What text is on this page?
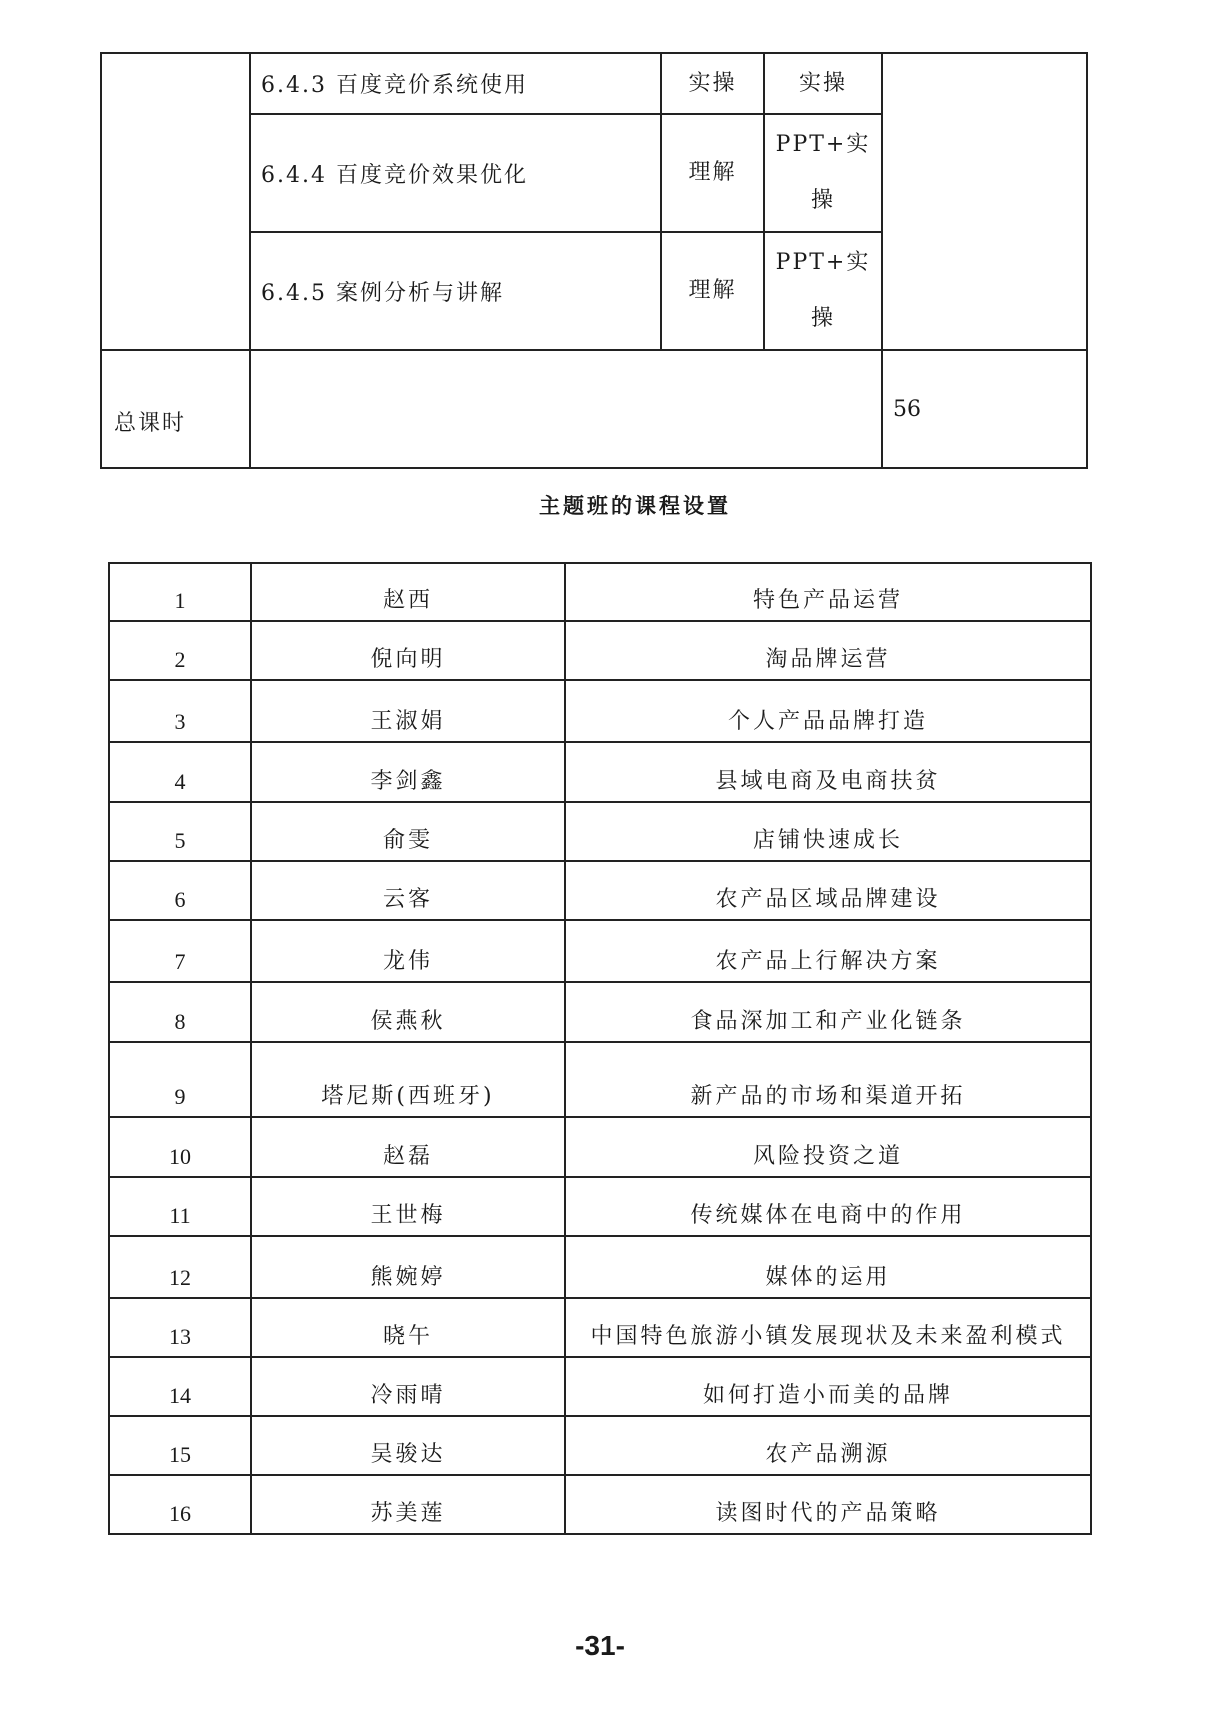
	6.4.3 百度竞价系统使用	实操	实操	
	6.4.4 百度竞价效果优化	理解	PPT+实操	
	6.4.5 案例分析与讲解	理解	PPT+实操	
总课时				56
主题班的课程设置
1	赵西	特色产品运营
2	倪向明	淘品牌运营
3	王淑娟	个人产品品牌打造
4	李剑鑫	县域电商及电商扶贫
5	俞雯	店铺快速成长
6	云客	农产品区域品牌建设
7	龙伟	农产品上行解决方案
8	侯燕秋	食品深加工和产业化链条
9	塔尼斯(西班牙)	新产品的市场和渠道开拓
10	赵磊	风险投资之道
11	王世梅	传统媒体在电商中的作用
12	熊婉婷	媒体的运用
13	晓午	中国特色旅游小镇发展现状及未来盈利模式
14	冷雨晴	如何打造小而美的品牌
15	吴骏达	农产品溯源
16	苏美莲	读图时代的产品策略
-31-
